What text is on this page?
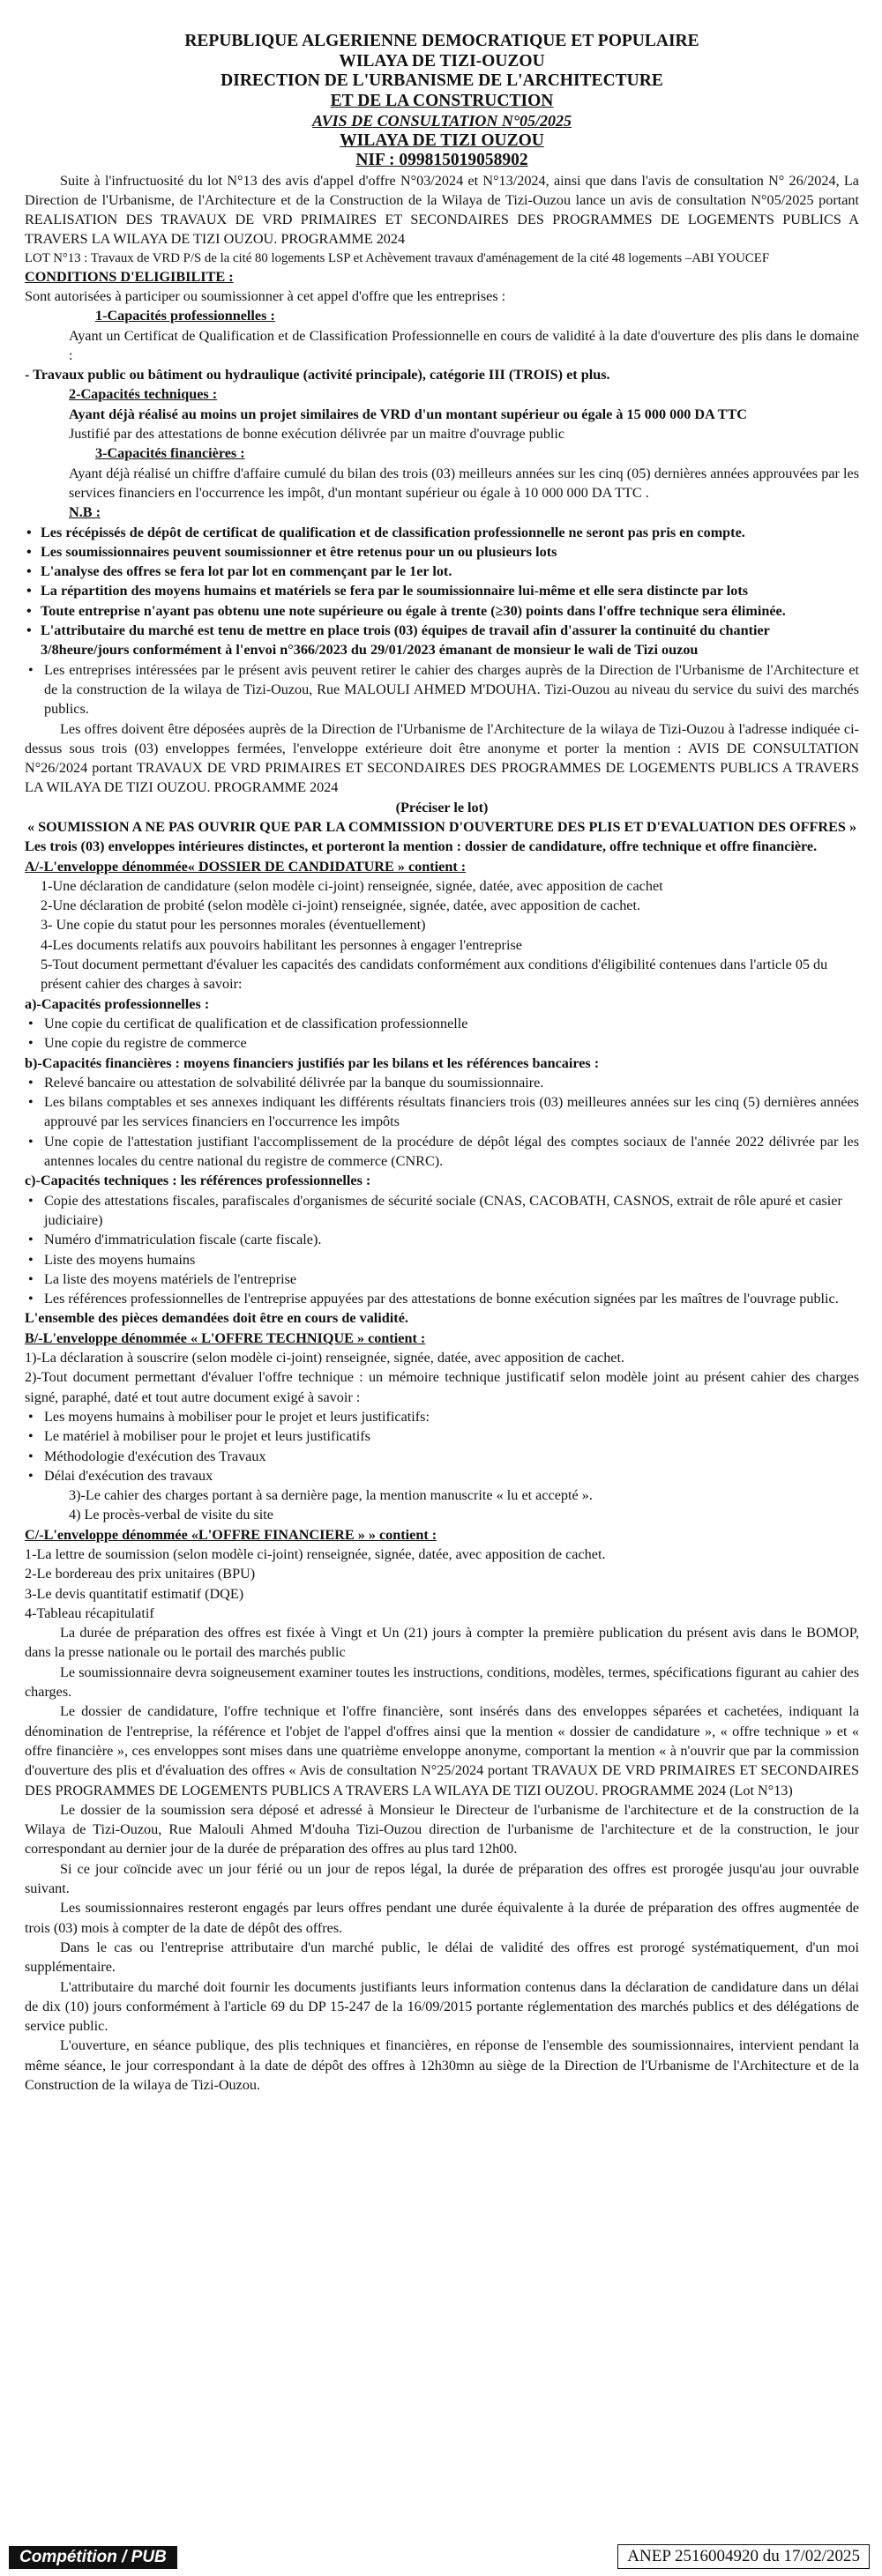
REPUBLIQUE ALGERIENNE DEMOCRATIQUE ET POPULAIRE
WILAYA DE TIZI-OUZOU
DIRECTION DE L'URBANISME DE L'ARCHITECTURE
ET DE LA CONSTRUCTION
AVIS DE CONSULTATION N°05/2025
WILAYA DE TIZI OUZOU
NIF : 099815019058902

Suite à l'infructuosité du lot N°13 des avis d'appel d'offre N°03/2024 et N°13/2024, ainsi que dans l'avis de consultation N° 26/2024, La Direction de l'Urbanisme, de l'Architecture et de la Construction de la Wilaya de Tizi-Ouzou lance un avis de consultation N°05/2025 portant REALISATION DES TRAVAUX DE VRD PRIMAIRES ET SECONDAIRES DES PROGRAMMES DE LOGEMENTS PUBLICS A TRAVERS LA WILAYA DE TIZI OUZOU. PROGRAMME 2024

LOT N°13 : Travaux de VRD P/S de la cité 80 logements LSP et Achèvement travaux d'aménagement de la cité 48 logements –ABI YOUCEF

CONDITIONS D'ELIGIBILITE :

Sont autorisées à participer ou soumissionner à cet appel d'offre que les entreprises :

1-Capacités professionnelles :

Ayant un Certificat de Qualification et de Classification Professionnelle en cours de validité à la date d'ouverture des plis dans le domaine :

- Travaux public ou bâtiment ou hydraulique (activité principale), catégorie III (TROIS) et plus.

2-Capacités techniques :

Ayant déjà réalisé au moins un projet similaires de VRD d'un montant supérieur ou égale à 15 000 000 DA TTC

Justifié par des attestations de bonne exécution délivrée par un maitre d'ouvrage public

3-Capacités financières :

Ayant déjà réalisé un chiffre d'affaire cumulé du bilan des trois (03) meilleurs années sur les cinq (05) dernières années approuvées par les services financiers en l'occurrence les impôt, d'un montant supérieur ou égale à 10 000 000 DA TTC .

N.B :

• Les récépissés de dépôt de certificat de qualification et de classification professionnelle ne seront pas pris en compte.

• Les soumissionnaires peuvent soumissionner et être retenus pour un ou plusieurs lots

• L'analyse des offres se fera lot par lot en commençant par le 1er lot.

• La répartition des moyens humains et matériels se fera par le soumissionnaire lui-même et elle sera distincte par lots

• Toute entreprise n'ayant pas obtenu une note supérieure ou égale à trente (≥30) points dans l'offre technique sera éliminée.

• L'attributaire du marché est tenu de mettre en place trois (03) équipes de travail afin d'assurer la continuité du chantier 3/8heure/jours conformément à l'envoi n°366/2023 du 29/01/2023 émanant de monsieur le wali de Tizi ouzou

• Les entreprises intéressées par le présent avis peuvent retirer le cahier des charges auprès de la Direction de l'Urbanisme de l'Architecture et de la construction de la wilaya de Tizi-Ouzou, Rue MALOULI AHMED M'DOUHA. Tizi-Ouzou au niveau du service du suivi des marchés publics.

Les offres doivent être déposées auprès de la Direction de l'Urbanisme de l'Architecture de la wilaya de Tizi-Ouzou à l'adresse indiquée ci-dessus sous trois (03) enveloppes fermées, l'enveloppe extérieure doit être anonyme et porter la mention : AVIS DE CONSULTATION N°26/2024 portant TRAVAUX DE VRD PRIMAIRES ET SECONDAIRES DES PROGRAMMES DE LOGEMENTS PUBLICS A TRAVERS LA WILAYA DE TIZI OUZOU. PROGRAMME 2024

(Préciser le lot)

« SOUMISSION A NE PAS OUVRIR QUE PAR LA COMMISSION D'OUVERTURE DES PLIS ET D'EVALUATION DES OFFRES »

Les trois (03) enveloppes intérieures distinctes, et porteront la mention : dossier de candidature, offre technique et offre financière.

A/-L'enveloppe dénommée« DOSSIER DE CANDIDATURE » contient :

1-Une déclaration de candidature (selon modèle ci-joint) renseignée, signée, datée, avec apposition de cachet

2-Une déclaration de probité (selon modèle ci-joint) renseignée, signée, datée, avec apposition de cachet.

3- Une copie du statut pour les personnes morales (éventuellement)

4-Les documents relatifs aux pouvoirs habilitant les personnes à engager l'entreprise

5-Tout document permettant d'évaluer les capacités des candidats conformément aux conditions d'éligibilité contenues dans l'article 05 du présent cahier des charges à savoir:

a)-Capacités professionnelles :

• Une copie du certificat de qualification et de classification professionnelle

• Une copie du registre de commerce

b)-Capacités financières : moyens financiers justifiés par les bilans et les références bancaires :

• Relevé bancaire ou attestation de solvabilité délivrée par la banque du soumissionnaire.

• Les bilans comptables et ses annexes indiquant les différents résultats financiers trois (03) meilleures années sur les cinq (5) dernières années approuvé par les services financiers en l'occurrence les impôts

• Une copie de l'attestation justifiant l'accomplissement de la procédure de dépôt légal des comptes sociaux de l'année 2022 délivrée par les antennes locales du centre national du registre de commerce (CNRC).

c)-Capacités techniques : les références professionnelles :

• Copie des attestations fiscales, parafiscales d'organismes de sécurité sociale (CNAS, CACOBATH, CASNOS, extrait de rôle apuré et casier judiciaire)

• Numéro d'immatriculation fiscale (carte fiscale).

• Liste des moyens humains

• La liste des moyens matériels de l'entreprise

• Les références professionnelles de l'entreprise appuyées par des attestations de bonne exécution signées par les maîtres de l'ouvrage public.

L'ensemble des pièces demandées doit être en cours de validité.

B/-L'enveloppe dénommée « L'OFFRE TECHNIQUE » contient :

1)-La déclaration à souscrire (selon modèle ci-joint) renseignée, signée, datée, avec apposition de cachet.

2)-Tout document permettant d'évaluer l'offre technique : un mémoire technique justificatif selon modèle joint au présent cahier des charges signé, paraphé, daté et tout autre document exigé à savoir :

• Les moyens humains à mobiliser pour le projet et leurs justificatifs:

• Le matériel à mobiliser pour le projet et leurs justificatifs

• Méthodologie d'exécution des Travaux

• Délai d'exécution des travaux

3)-Le cahier des charges portant à sa dernière page, la mention manuscrite « lu et accepté ».

4) Le procès-verbal de visite du site

C/-L'enveloppe dénommée «L'OFFRE FINANCIERE » » contient :

1-La lettre de soumission (selon modèle ci-joint) renseignée, signée, datée, avec apposition de cachet.

2-Le bordereau des prix unitaires (BPU)

3-Le devis quantitatif estimatif (DQE)

4-Tableau récapitulatif

La durée de préparation des offres est fixée à Vingt et Un (21) jours à compter la première publication du présent avis dans le BOMOP, dans la presse nationale ou le portail des marchés public

Le soumissionnaire devra soigneusement examiner toutes les instructions, conditions, modèles, termes, spécifications figurant au cahier des charges.

Le dossier de candidature, l'offre technique et l'offre financière, sont insérés dans des enveloppes séparées et cachetées, indiquant la dénomination de l'entreprise, la référence et l'objet de l'appel d'offres ainsi que la mention « dossier de candidature », « offre technique » et « offre financière », ces enveloppes sont mises dans une quatrième enveloppe anonyme, comportant la mention « à n'ouvrir que par la commission d'ouverture des plis et d'évaluation des offres « Avis de consultation N°25/2024 portant TRAVAUX DE VRD PRIMAIRES ET SECONDAIRES DES PROGRAMMES DE LOGEMENTS PUBLICS A TRAVERS LA WILAYA DE TIZI OUZOU. PROGRAMME 2024 (Lot N°13)

Le dossier de la soumission sera déposé et adressé à Monsieur le Directeur de l'urbanisme de l'architecture et de la construction de la Wilaya de Tizi-Ouzou, Rue Malouli Ahmed M'douha Tizi-Ouzou direction de l'urbanisme de l'architecture et de la construction, le jour correspondant au dernier jour de la durée de préparation des offres au plus tard 12h00.

Si ce jour coïncide avec un jour férié ou un jour de repos légal, la durée de préparation des offres est prorogée jusqu'au jour ouvrable suivant.

Les soumissionnaires resteront engagés par leurs offres pendant une durée équivalente à la durée de préparation des offres augmentée de trois (03) mois à compter de la date de dépôt des offres.

Dans le cas ou l'entreprise attributaire d'un marché public, le délai de validité des offres est prorogé systématiquement, d'un moi supplémentaire.

L'attributaire du marché doit fournir les documents justifiants leurs information contenus dans la déclaration de candidature dans un délai de dix (10) jours conformément à l'article 69 du DP 15-247 de la 16/09/2015 portante réglementation des marchés publics et des délégations de service public.

L'ouverture, en séance publique, des plis techniques et financières, en réponse de l'ensemble des soumissionnaires, intervient pendant la même séance, le jour correspondant à la date de dépôt des offres à 12h30mn au siège de la Direction de l'Urbanisme de l'Architecture et de la Construction de la wilaya de Tizi-Ouzou.

Compétition / PUB	ANEP 2516004920 du 17/02/2025
